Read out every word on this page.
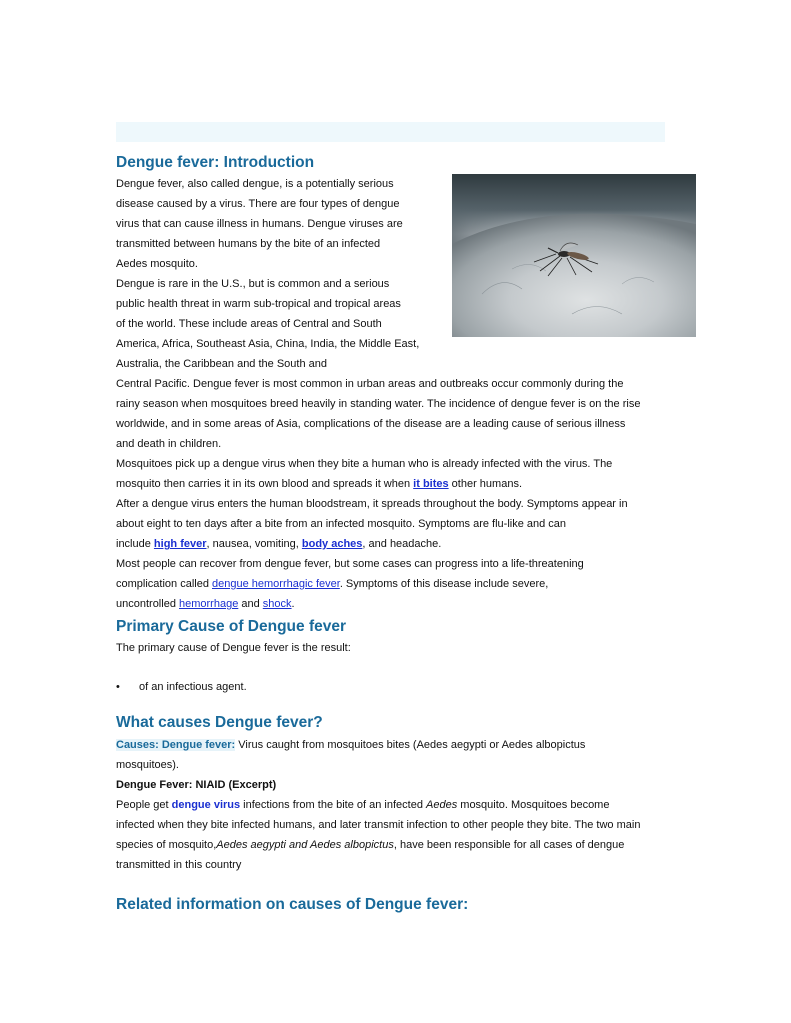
Dengue fever: Introduction

Dengue fever, also called dengue, is a potentially serious
disease caused by a virus. There are four types of dengue
virus that can cause illness in humans. Dengue viruses are
transmitted between humans by the bite of an infected
Aedes mosquito.

Dengue is rare in the U.S., but is common and a serious
public health threat in warm sub-tropical and tropical areas
of the world. These include areas of Central and South
America, Africa, Southeast Asia, China, India, the Middle East, Australia, the Caribbean and the South and
Central Pacific. Dengue fever is most common in urban areas and outbreaks occur commonly during the
rainy season when mosquitoes breed heavily in standing water. The incidence of dengue fever is on the rise
worldwide, and in some areas of Asia, complications of the disease are a leading cause of serious illness
and death in children.

Mosquitoes pick up a dengue virus when they bite a human who is already infected with the virus. The
mosquito then carries it in its own blood and spreads it when it bites other humans.

After a dengue virus enters the human bloodstream, it spreads throughout the body. Symptoms appear in
about eight to ten days after a bite from an infected mosquito. Symptoms are flu-like and can
include high fever, nausea, vomiting, body aches, and headache.

Most people can recover from dengue fever, but some cases can progress into a life-threatening
complication called dengue hemorrhagic fever. Symptoms of this disease include severe,
uncontrolled hemorrhage and shock.

Primary Cause of Dengue fever

The primary cause of Dengue fever is the result:

• of an infectious agent.
What causes Dengue fever?

Causes: Dengue fever: Virus caught from mosquitoes bites (Aedes aegypti or Aedes albopictus
mosquitoes).

Dengue Fever: NIAID (Excerpt)

People get dengue virus infections from the bite of an infected Aedes mosquito. Mosquitoes become
infected when they bite infected humans, and later transmit infection to other people they bite. The two main
species of mosquito,Aedes aegypti and Aedes albopictus, have been responsible for all cases of dengue
transmitted in this country

Related information on causes of Dengue fever:
